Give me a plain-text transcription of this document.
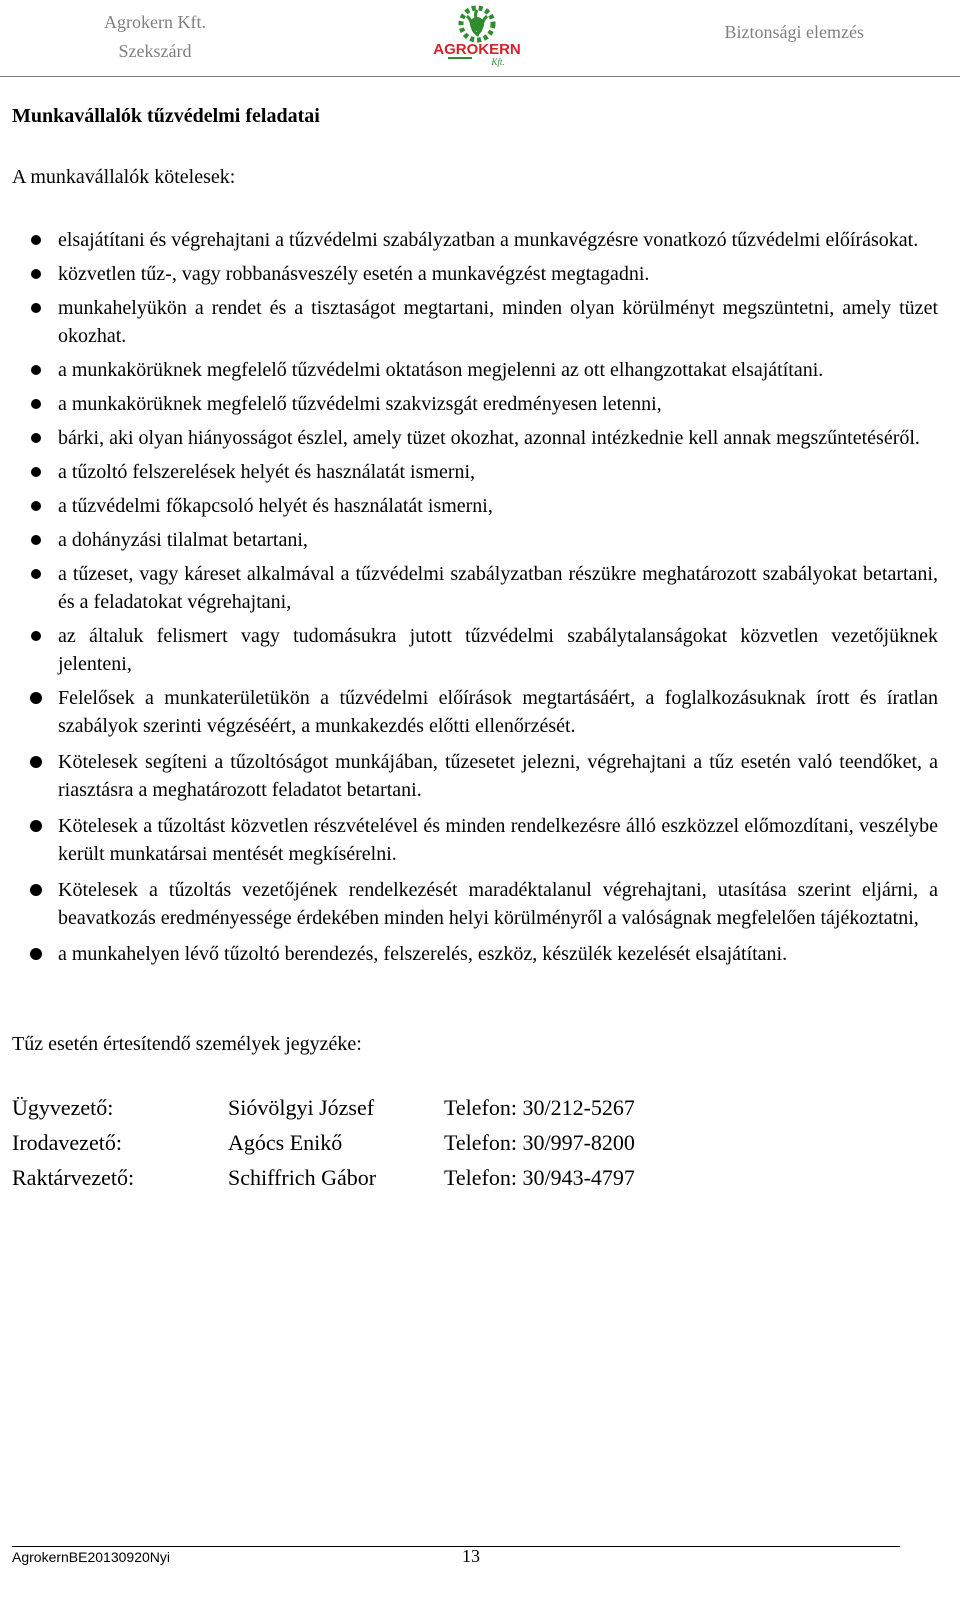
Agrokern Kft.
Szekszárd	AGROKERN
Kft.
Biztonsági elemzés

Munkavállalók tűzvédelmi feladatai

A munkavállalók kötelesek:

elsajátítani és végrehajtani a tűzvédelmi szabályzatban a munkavégzésre vonatkozó tűzvédelmi előírásokat.
közvetlen tűz-, vagy robbanásveszély esetén a munkavégzést megtagadni.
munkahelyükön a rendet és a tisztaságot megtartani, minden olyan körülményt megszüntetni, amely tüzet okozhat.
a munkakörüknek megfelelő tűzvédelmi oktatáson megjelenni az ott elhangzottakat elsajátítani.
a munkakörüknek megfelelő tűzvédelmi szakvizsgát eredményesen letenni,
bárki, aki olyan hiányosságot észlel, amely tüzet okozhat, azonnal intézkednie kell annak megszűntetéséről.
a tűzoltó felszerelések helyét és használatát ismerni,
a tűzvédelmi főkapcsoló helyét és használatát ismerni,
a dohányzási tilalmat betartani,
a tűzeset, vagy káreset alkalmával a tűzvédelmi szabályzatban részükre meghatározott szabályokat betartani, és a feladatokat végrehajtani,
az általuk felismert vagy tudomásukra jutott tűzvédelmi szabálytalanságokat közvetlen vezetőjüknek jelenteni,
Felelősek a munkaterületükön a tűzvédelmi előírások megtartásáért, a foglalkozásuknak írott és íratlan szabályok szerinti végzéséért, a munkakezdés előtti ellenőrzését.
Kötelesek segíteni a tűzoltóságot munkájában, tűzesetet jelezni, végrehajtani a tűz esetén való teendőket, a riasztásra a meghatározott feladatot betartani.
Kötelesek a tűzoltást közvetlen részvételével és minden rendelkezésre álló eszközzel előmozdítani, veszélybe került munkatársai mentését megkísérelni.
Kötelesek a tűzoltás vezetőjének rendelkezését maradéktalanul végrehajtani, utasítása szerint eljárni, a beavatkozás eredményessége érdekében minden helyi körülményről a valóságnak megfelelően tájékoztatni,
a munkahelyen lévő tűzoltó berendezés, felszerelés, eszköz, készülék kezelését elsajátítani.

Tűz esetén értesítendő személyek jegyzéke:

Ügyvezető:	Sióvölgyi József	Telefon: 30/212-5267
Irodavezető:	Agócs Enikő	Telefon: 30/997-8200
Raktárvezető:	Schiffrich Gábor	Telefon: 30/943-4797
AgrokernBE20130920Nyi	13
